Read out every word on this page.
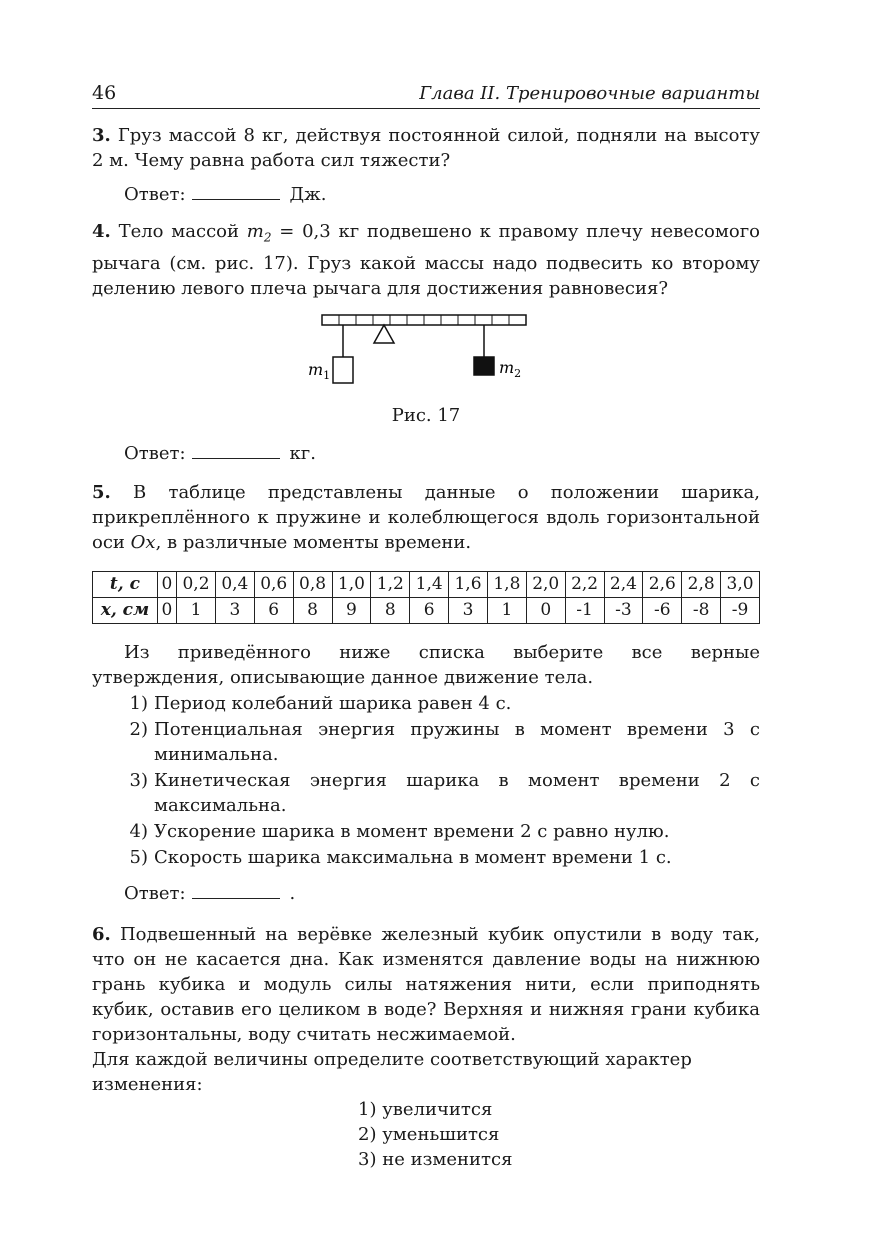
46	Глава II. Тренировочные варианты

3. Груз массой 8 кг, действуя постоянной силой, подняли на высоту 2 м. Чему равна работа сил тяжести?

Ответ:	Дж.

4. Тело массой $m_2 = 0,3$ кг подвешено к правому плечу невесомого рычага (см. рис. 17). Груз какой массы надо подвесить ко второму делению левого плеча рычага для достижения равновесия?

$m_1$	$m_2$
Рис. 17
Ответ:	кг.

5. В таблице представлены данные о положении шарика, прикреплённого к пружине и колеблющегося вдоль горизонтальной оси Ox, в различные моменты времени.

t, с	0	0,2	0,4	0,6	0,8	1,0	1,2	1,4	1,6	1,8	2,0	2,2	2,4	2,6	2,8	3,0
x, см	0	1	3	6	8	9	8	6	3	1	0	-1	-3	-6	-8	-9

Из приведённого ниже списка выберите все верные утверждения, описывающие данное движение тела.

1) Период колебаний шарика равен 4 с.
2) Потенциальная энергия пружины в момент времени 3 с минимальна.
3) Кинетическая энергия шарика в момент времени 2 с максимальна.
4) Ускорение шарика в момент времени 2 с равно нулю.
5) Скорость шарика максимальна в момент времени 1 с.
Ответ:	.

6. Подвешенный на верёвке железный кубик опустили в воду так, что он не касается дна. Как изменятся давление воды на нижнюю грань кубика и модуль силы натяжения нити, если приподнять кубик, оставив его целиком в воде? Верхняя и нижняя грани кубика горизонтальны, воду считать несжимаемой.

Для каждой величины определите соответствующий характер изменения:

1) увеличится
2) уменьшится
3) не изменится
